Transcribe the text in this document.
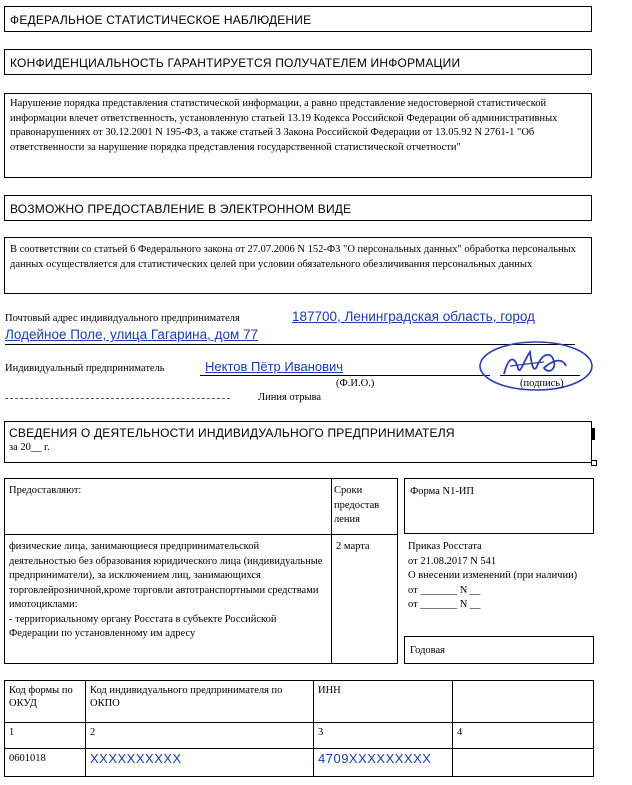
ФЕДЕРАЛЬНОЕ СТАТИСТИЧЕСКОЕ НАБЛЮДЕНИЕ
КОНФИДЕНЦИАЛЬНОСТЬ ГАРАНТИРУЕТСЯ ПОЛУЧАТЕЛЕМ ИНФОРМАЦИИ
Нарушение порядка представления статистической информации, а равно представление недостоверной статистической информации влечет ответственность, установленную статьей 13.19 Кодекса Российской Федерации об административных правонарушениях от 30.12.2001 N 195-ФЗ, а также статьей 3 Закона Российской Федерации от 13.05.92 N 2761-1 "Об ответственности за нарушение порядка представления государственной статистической отчетности"
ВОЗМОЖНО ПРЕДОСТАВЛЕНИЕ В ЭЛЕКТРОННОМ ВИДЕ
В соответствии со статьей 6 Федерального закона от 27.07.2006 N 152-ФЗ "О персональных данных" обработка персональных данных осуществляется для статистических целей при условии обязательного обезличивания персональных данных
Почтовый адрес индивидуального предпринимателя	187700, Ленинградская область, город
Лодейное Поле, улица Гагарина, дом 77
Индивидуальный предприниматель	Нектов Пётр Иванович
(Ф.И.О.)	(подпись)
Линия отрыва
СВЕДЕНИЯ О ДЕЯТЕЛЬНОСТИ ИНДИВИДУАЛЬНОГО ПРЕДПРИНИМАТЕЛЯ
за 20__ г.
Предоставляют:	Сроки предостав ления
физические лица, занимающиеся предпринимательской деятельностью без образования юридического лица (индивидуальные предприниматели), за исключением лиц, занимающихся торговлейрозничной,кроме торговли автотранспортными средствами имотоциклами:
- территориальному органу Росстата в субъекте Российской Федерации по установленному им адресу
2 марта
Форма N1-ИП
Приказ Росстата
от 21.08.2017 N 541
О внесении изменений (при наличии)
от _______ N __
от _______ N __
Годовая
Код формы по ОКУД	Код индивидуального предпринимателя по ОКПО	ИНН	
1	2	3	4
0601018	XXXXXXXXXX	4709XXXXXXXXX	
